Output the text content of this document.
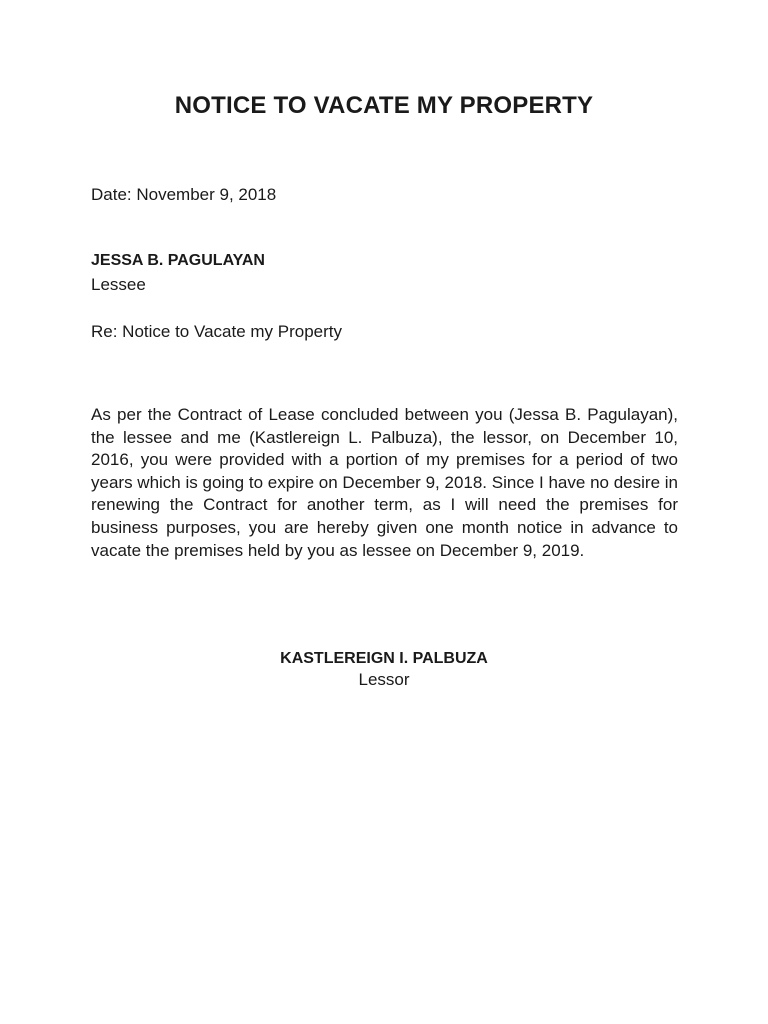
NOTICE TO VACATE MY PROPERTY
Date: November 9, 2018
JESSA B. PAGULAYAN
Lessee
Re: Notice to Vacate my Property
As per the Contract of Lease concluded between you (Jessa B. Pagulayan), the lessee and me (Kastlereign L. Palbuza), the lessor, on December 10, 2016, you were provided with a portion of my premises for a period of two years which is going to expire on December 9, 2018. Since I have no desire in renewing the Contract for another term, as I will need the premises for business purposes, you are hereby given one month notice in advance to vacate the premises held by you as lessee on December 9, 2019.
KASTLEREIGN I. PALBUZA
Lessor
